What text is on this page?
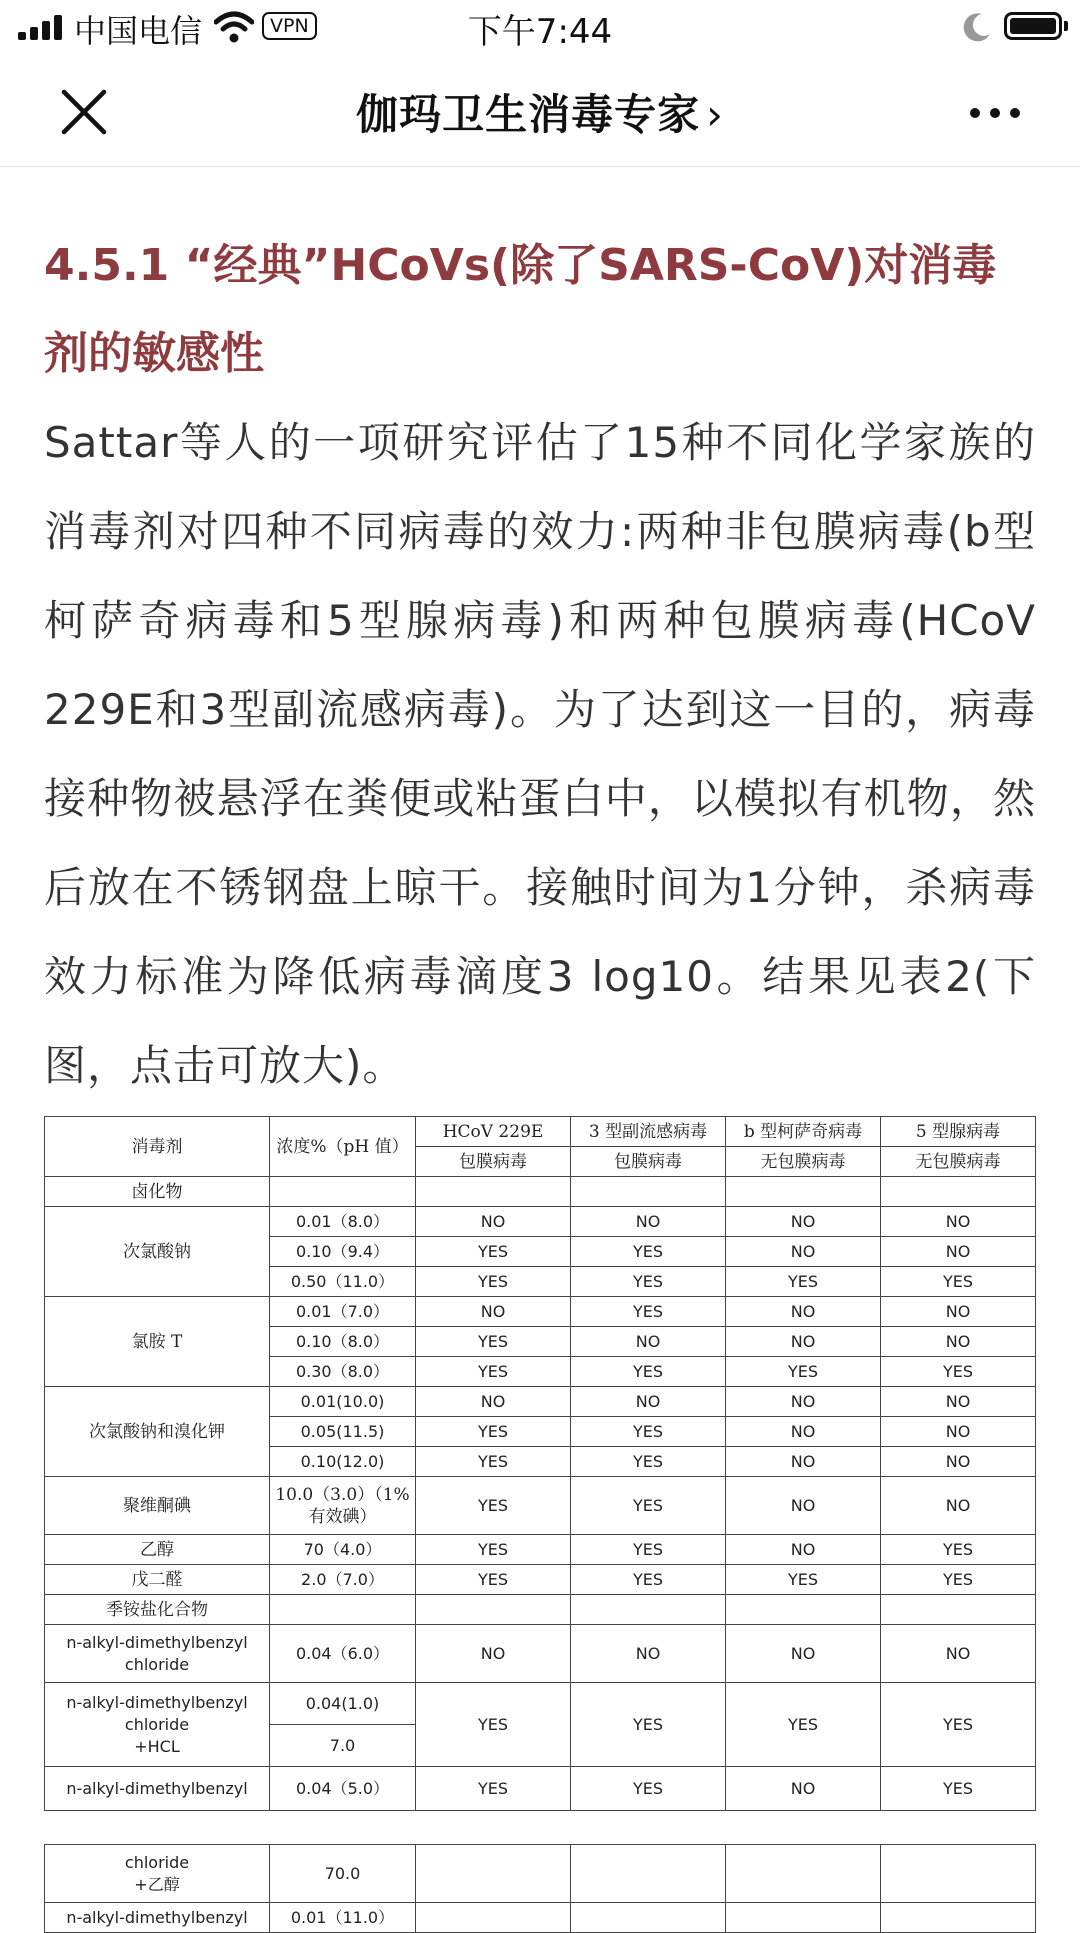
中国电信	VPN	下午7:44
伽玛卫生消毒专家 ›
4.5.1 “经典”HCoVs(除了SARS-CoV)对消毒剂的敏感性

Sattar等人的一项研究评估了15种不同化学家族的消毒剂对四种不同病毒的效力:两种非包膜病毒(b型柯萨奇病毒和5型腺病毒)和两种包膜病毒(HCoV 229E和3型副流感病毒)。为了达到这一目的，病毒接种物被悬浮在粪便或粘蛋白中，以模拟有机物，然后放在不锈钢盘上晾干。接触时间为1分钟，杀病毒效力标准为降低病毒滴度3 log10。结果见表2(下图，点击可放大)。

消毒剂	浓度%（pH 值）	HCoV 229E	3 型副流感病毒	b 型柯萨奇病毒	5 型腺病毒
		包膜病毒	包膜病毒	无包膜病毒	无包膜病毒
卤化物					
次氯酸钠	0.01（8.0）	NO	NO	NO	NO
	0.10（9.4）	YES	YES	NO	NO
	0.50（11.0）	YES	YES	YES	YES
氯胺 T	0.01（7.0）	NO	YES	NO	NO
	0.10（8.0）	YES	NO	NO	NO
	0.30（8.0）	YES	YES	YES	YES
次氯酸钠和溴化钾	0.01(10.0)	NO	NO	NO	NO
	0.05(11.5)	YES	YES	NO	NO
	0.10(12.0)	YES	YES	NO	NO
聚维酮碘	10.0（3.0）（1%有效碘）	YES	YES	NO	NO
乙醇	70（4.0）	YES	YES	NO	YES
戊二醛	2.0（7.0）	YES	YES	YES	YES
季铵盐化合物					

n-alkyl-dimethylbenzyl
chloride	0.04（6.0）	NO	NO	NO	NO

n-alkyl-dimethylbenzyl
chloride
+HCL	0.04(1.0)	YES	YES	YES	YES
	7.0				
n-alkyl-dimethylbenzyl	0.04（5.0）	YES	YES	NO	YES
chloride
+乙醇	70.0				
n-alkyl-dimethylbenzyl	0.01（11.0）				
